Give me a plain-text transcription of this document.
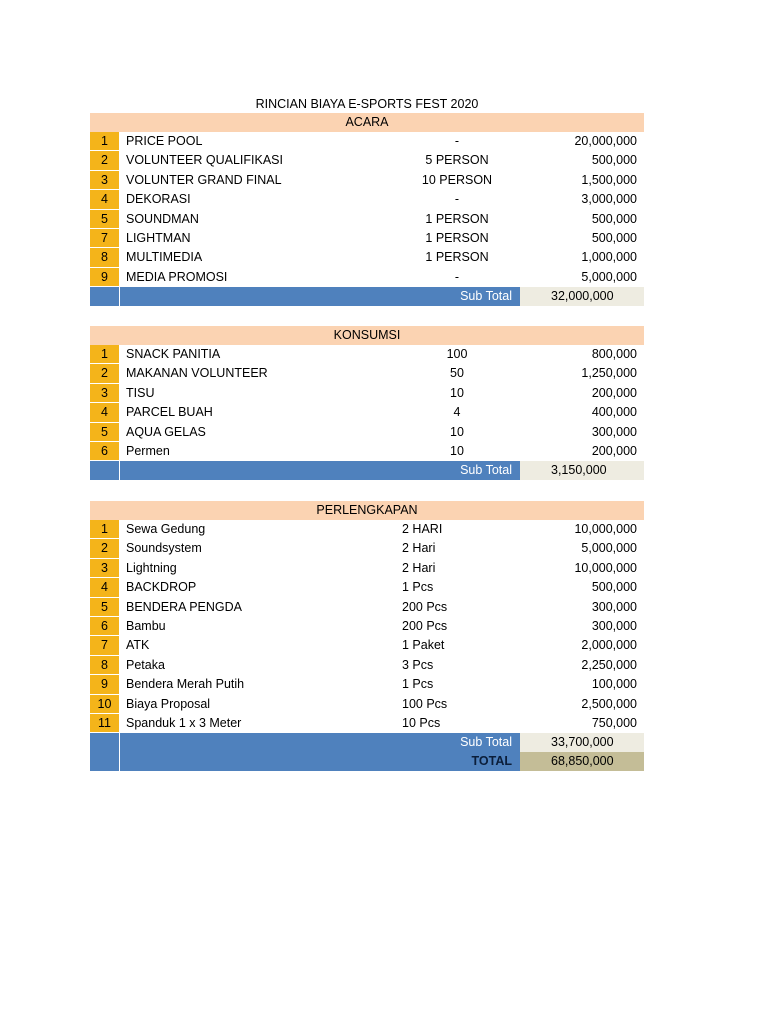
RINCIAN BIAYA E-SPORTS FEST 2020
ACARA
1	PRICE POOL	-	20,000,000
2	VOLUNTEER QUALIFIKASI	5 PERSON	500,000
3	VOLUNTER GRAND FINAL	10 PERSON	1,500,000
4	DEKORASI	-	3,000,000
5	SOUNDMAN	1 PERSON	500,000
7	LIGHTMAN	1 PERSON	500,000
8	MULTIMEDIA	1 PERSON	1,000,000
9	MEDIA PROMOSI	-	5,000,000
Sub Total	32,000,000
KONSUMSI
1	SNACK PANITIA	100	800,000
2	MAKANAN VOLUNTEER	50	1,250,000
3	TISU	10	200,000
4	PARCEL BUAH	4	400,000
5	AQUA GELAS	10	300,000
6	Permen	10	200,000
Sub Total	3,150,000
PERLENGKAPAN
1	Sewa Gedung	2 HARI	10,000,000
2	Soundsystem	2 Hari	5,000,000
3	Lightning	2 Hari	10,000,000
4	BACKDROP	1 Pcs	500,000
5	BENDERA PENGDA	200 Pcs	300,000
6	Bambu	200 Pcs	300,000
7	ATK	1 Paket	2,000,000
8	Petaka	3 Pcs	2,250,000
9	Bendera Merah Putih	1 Pcs	100,000
10	Biaya Proposal	100 Pcs	2,500,000
11	Spanduk 1 x 3 Meter	10 Pcs	750,000
Sub Total	33,700,000
TOTAL	68,850,000
